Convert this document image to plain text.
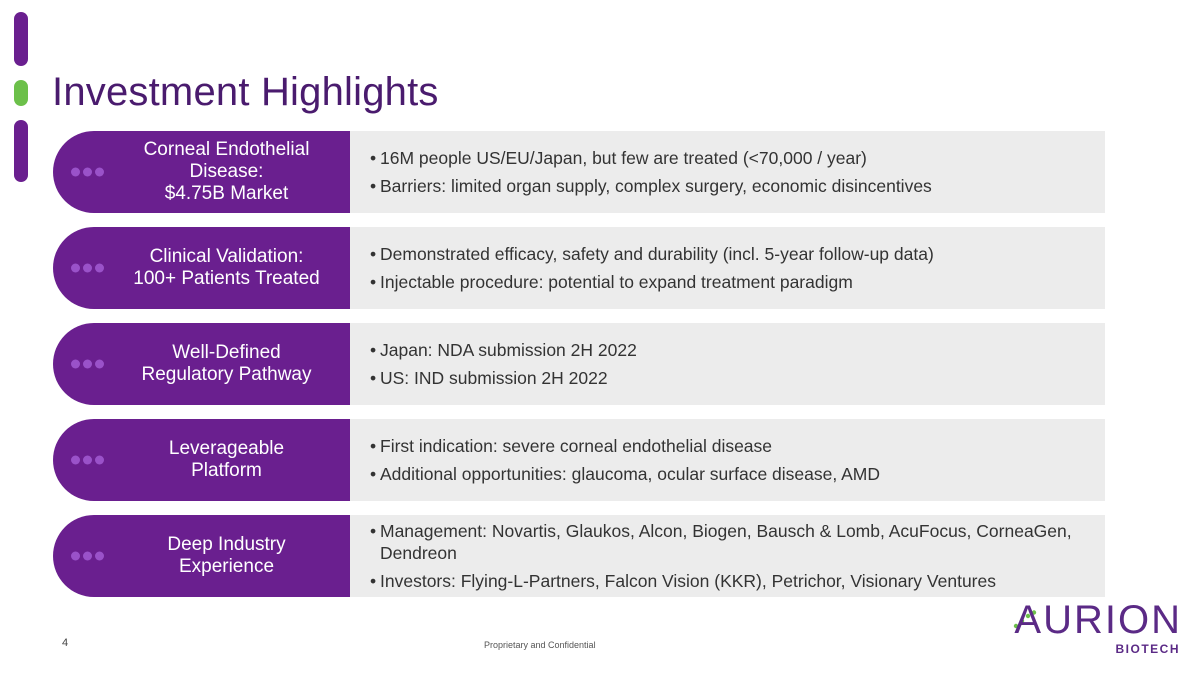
Investment Highlights
Corneal Endothelial
Disease:
$4.75B Market
• 16M people US/EU/Japan, but few are treated (<70,000 / year)
• Barriers: limited organ supply, complex surgery, economic disincentives
Clinical Validation:
100+ Patients Treated
• Demonstrated efficacy, safety and durability (incl. 5-year follow-up data)
• Injectable procedure: potential to expand treatment paradigm
Well-Defined
Regulatory Pathway
• Japan: NDA submission 2H 2022
• US: IND submission 2H 2022
Leverageable
Platform
• First indication: severe corneal endothelial disease
• Additional opportunities: glaucoma, ocular surface disease, AMD
Deep Industry
Experience
• Management: Novartis, Glaukos, Alcon, Biogen, Bausch & Lomb, AcuFocus, CorneaGen, Dendreon
• Investors: Flying-L-Partners, Falcon Vision (KKR), Petrichor, Visionary Ventures
4	Proprietary and Confidential
AURION
BIOTECH
